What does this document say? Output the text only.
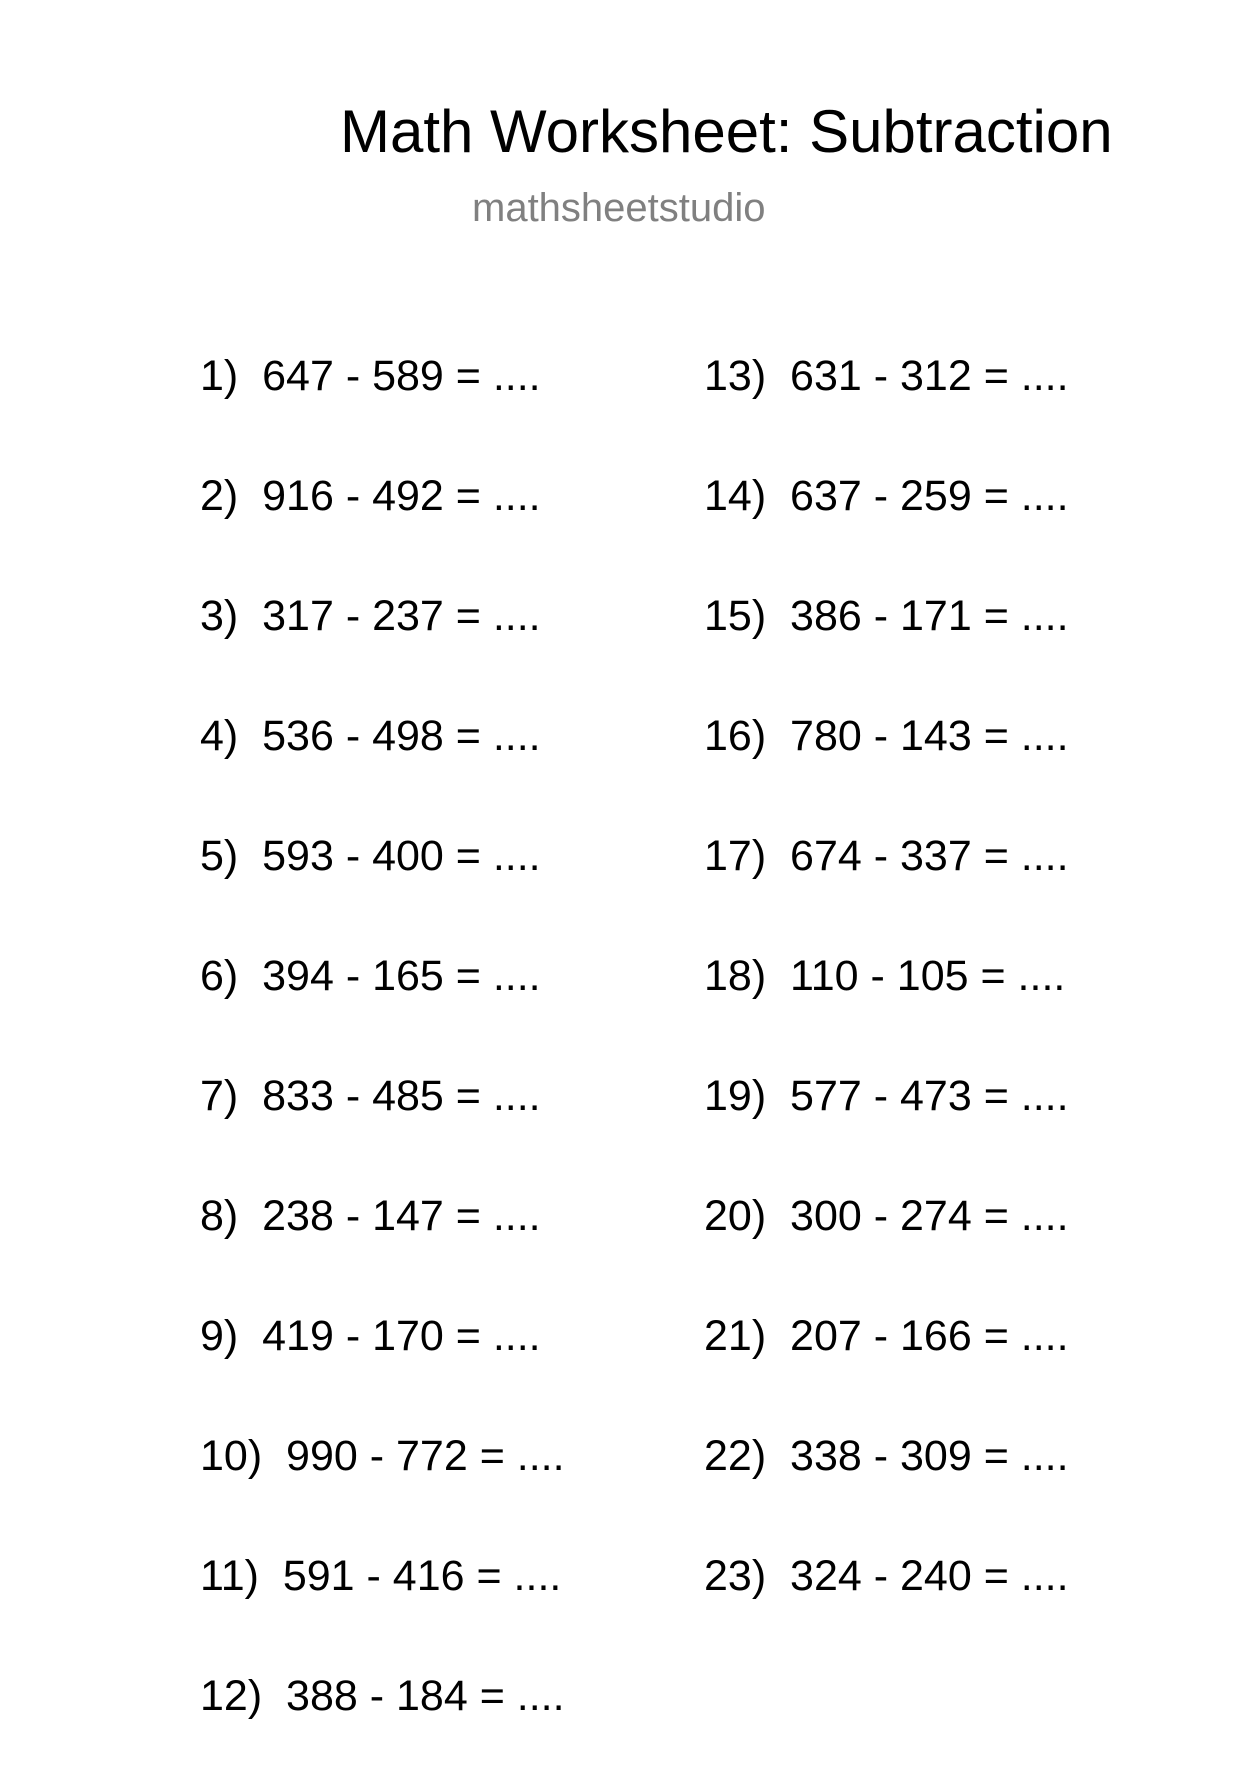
Math Worksheet: Subtraction
mathsheetstudio
1)  647 - 589 = ....
2)  916 - 492 = ....
3)  317 - 237 = ....
4)  536 - 498 = ....
5)  593 - 400 = ....
6)  394 - 165 = ....
7)  833 - 485 = ....
8)  238 - 147 = ....
9)  419 - 170 = ....
10)  990 - 772 = ....
11)  591 - 416 = ....
12)  388 - 184 = ....
13)  631 - 312 = ....
14)  637 - 259 = ....
15)  386 - 171 = ....
16)  780 - 143 = ....
17)  674 - 337 = ....
18)  110 - 105 = ....
19)  577 - 473 = ....
20)  300 - 274 = ....
21)  207 - 166 = ....
22)  338 - 309 = ....
23)  324 - 240 = ....
